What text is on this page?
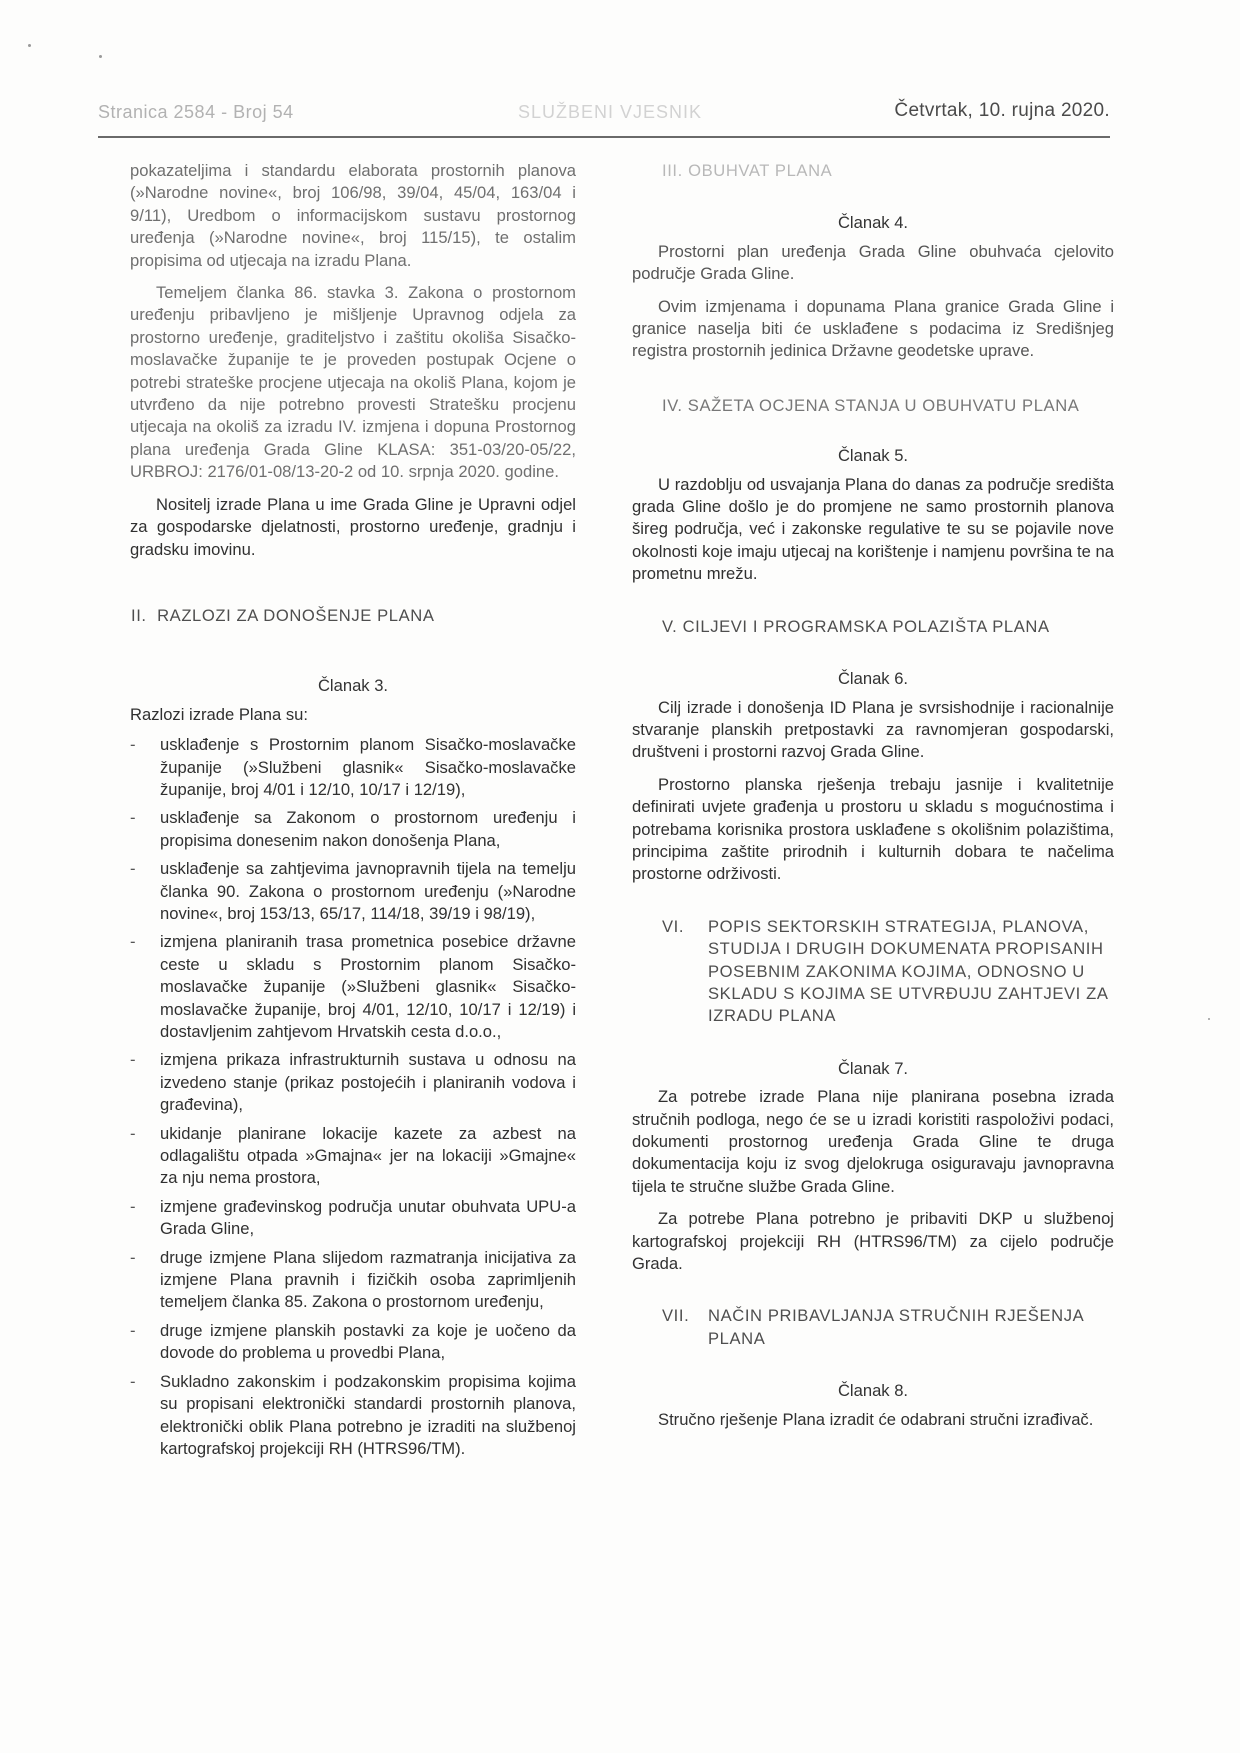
Stranica 2584 - Broj 54	SLUŽBENI VJESNIK	Četvrtak, 10. rujna 2020.

pokazateljima i standardu elaborata prostornih planova (»Narodne novine«, broj 106/98, 39/04, 45/04, 163/04 i 9/11), Uredbom o informacijskom sustavu prostornog uređenja (»Narodne novine«, broj 115/15), te ostalim propisima od utjecaja na izradu Plana.

Temeljem članka 86. stavka 3. Zakona o prostornom uređenju pribavljeno je mišljenje Upravnog odjela za prostorno uređenje, graditeljstvo i zaštitu okoliša Sisačko-moslavačke županije te je proveden postupak Ocjene o potrebi strateške procjene utjecaja na okoliš Plana, kojom je utvrđeno da nije potrebno provesti Stratešku procjenu utjecaja na okoliš za izradu IV. izmjena i dopuna Prostornog plana uređenja Grada Gline KLASA: 351-03/20-05/22, URBROJ: 2176/01-08/13-20-2 od 10. srpnja 2020. godine.

Nositelj izrade Plana u ime Grada Gline je Upravni odjel za gospodarske djelatnosti, prostorno uređenje, gradnju i gradsku imovinu.

II. RAZLOZI ZA DONOŠENJE PLANA
Članak 3.

Razlozi izrade Plana su:

- usklađenje s Prostornim planom Sisačko-moslavačke županije (»Službeni glasnik« Sisačko-moslavačke županije, broj 4/01 i 12/10, 10/17 i 12/19),
- usklađenje sa Zakonom o prostornom uređenju i propisima donesenim nakon donošenja Plana,
- usklađenje sa zahtjevima javnopravnih tijela na temelju članka 90. Zakona o prostornom uređenju (»Narodne novine«, broj 153/13, 65/17, 114/18, 39/19 i 98/19),
- izmjena planiranih trasa prometnica posebice državne ceste u skladu s Prostornim planom Sisačko-moslavačke županije (»Službeni glasnik« Sisačko-moslavačke županije, broj 4/01, 12/10, 10/17 i 12/19) i dostavljenim zahtjevom Hrvatskih cesta d.o.o.,
- izmjena prikaza infrastrukturnih sustava u odnosu na izvedeno stanje (prikaz postojećih i planiranih vodova i građevina),
- ukidanje planirane lokacije kazete za azbest na odlagalištu otpada »Gmajna« jer na lokaciji »Gmajne« za nju nema prostora,
- izmjene građevinskog područja unutar obuhvata UPU-a Grada Gline,
- druge izmjene Plana slijedom razmatranja inicijativa za izmjene Plana pravnih i fizičkih osoba zaprimljenih temeljem članka 85. Zakona o prostornom uređenju,
- druge izmjene planskih postavki za koje je uočeno da dovode do problema u provedbi Plana,
- Sukladno zakonskim i podzakonskim propisima kojima su propisani elektronički standardi prostornih planova, elektronički oblik Plana potrebno je izraditi na službenoj kartografskoj projekciji RH (HTRS96/TM).
III. OBUHVAT PLANA
Članak 4.

Prostorni plan uređenja Grada Gline obuhvaća cjelovito područje Grada Gline.

Ovim izmjenama i dopunama Plana granice Grada Gline i granice naselja biti će usklađene s podacima iz Središnjeg registra prostornih jedinica Državne geodetske uprave.

IV. SAŽETA OCJENA STANJA U OBUHVATU PLANA
Članak 5.

U razdoblju od usvajanja Plana do danas za područje središta grada Gline došlo je do promjene ne samo prostornih planova šireg područja, već i zakonske regulative te su se pojavile nove okolnosti koje imaju utjecaj na korištenje i namjenu površina te na prometnu mrežu.

V. CILJEVI I PROGRAMSKA POLAZIŠTA PLANA
Članak 6.

Cilj izrade i donošenja ID Plana je svrsishodnije i racionalnije stvaranje planskih pretpostavki za ravnomjeran gospodarski, društveni i prostorni razvoj Grada Gline.

Prostorno planska rješenja trebaju jasnije i kvalitetnije definirati uvjete građenja u prostoru u skladu s mogućnostima i potrebama korisnika prostora usklađene s okolišnim polazištima, principima zaštite prirodnih i kulturnih dobara te načelima prostorne održivosti.

VI.	POPIS SEKTORSKIH STRATEGIJA, PLANOVA, STUDIJA I DRUGIH DOKUMENATA PROPISANIH POSEBNIM ZAKONIMA KOJIMA, ODNOSNO U SKLADU S KOJIMA SE UTVRĐUJU ZAHTJEVI ZA IZRADU PLANA
Članak 7.

Za potrebe izrade Plana nije planirana posebna izrada stručnih podloga, nego će se u izradi koristiti raspoloživi podaci, dokumenti prostornog uređenja Grada Gline te druga dokumentacija koju iz svog djelokruga osiguravaju javnopravna tijela te stručne službe Grada Gline.

Za potrebe Plana potrebno je pribaviti DKP u službenoj kartografskoj projekciji RH (HTRS96/TM) za cijelo područje Grada.

VII.	NAČIN PRIBAVLJANJA STRUČNIH RJEŠENJA PLANA
Članak 8.

Stručno rješenje Plana izradit će odabrani stručni izrađivač.
